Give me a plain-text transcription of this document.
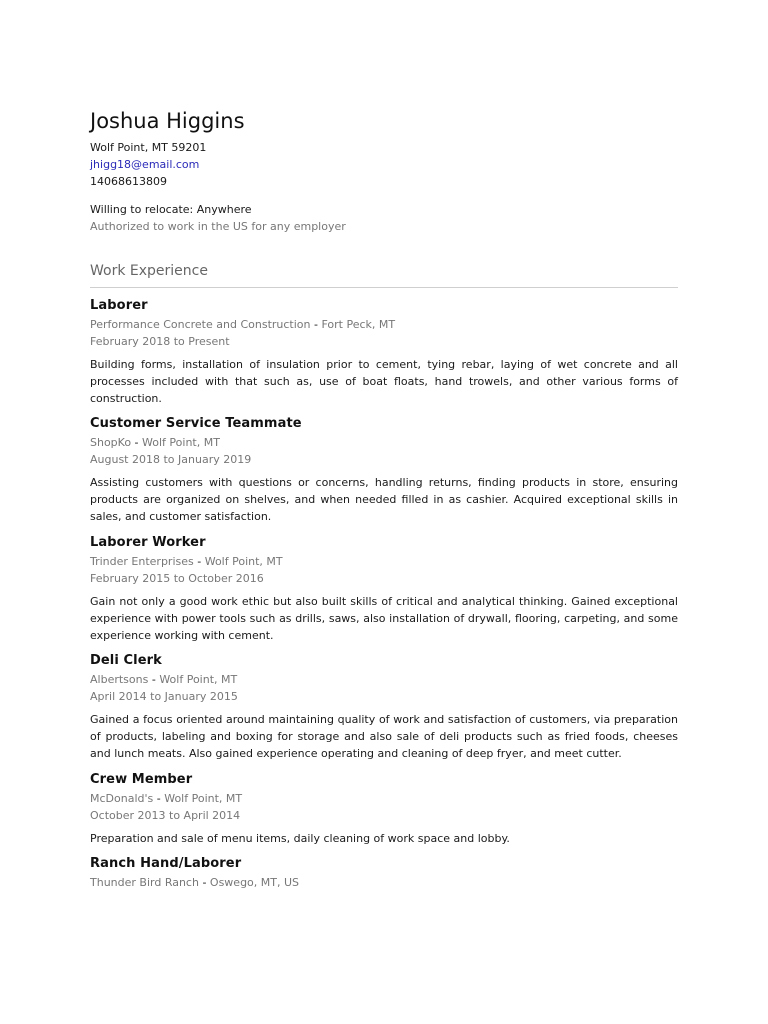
Joshua Higgins
Wolf Point, MT 59201
jhigg18@email.com
14068613809
Willing to relocate: Anywhere
Authorized to work in the US for any employer
Work Experience
Laborer
Performance Concrete and Construction - Fort Peck, MT
February 2018 to Present
Building forms, installation of insulation prior to cement, tying rebar, laying of wet concrete and all processes included with that such as, use of boat floats, hand trowels, and other various forms of construction.
Customer Service Teammate
ShopKo - Wolf Point, MT
August 2018 to January 2019
Assisting customers with questions or concerns, handling returns, finding products in store, ensuring products are organized on shelves, and when needed filled in as cashier. Acquired exceptional skills in sales, and customer satisfaction.
Laborer Worker
Trinder Enterprises - Wolf Point, MT
February 2015 to October 2016
Gain not only a good work ethic but also built skills of critical and analytical thinking. Gained exceptional experience with power tools such as drills, saws, also installation of drywall, flooring, carpeting, and some experience working with cement.
Deli Clerk
Albertsons - Wolf Point, MT
April 2014 to January 2015
Gained a focus oriented around maintaining quality of work and satisfaction of customers, via preparation of products, labeling and boxing for storage and also sale of deli products such as fried foods, cheeses and lunch meats. Also gained experience operating and cleaning of deep fryer, and meet cutter.
Crew Member
McDonald's - Wolf Point, MT
October 2013 to April 2014
Preparation and sale of menu items, daily cleaning of work space and lobby.
Ranch Hand/Laborer
Thunder Bird Ranch - Oswego, MT, US
